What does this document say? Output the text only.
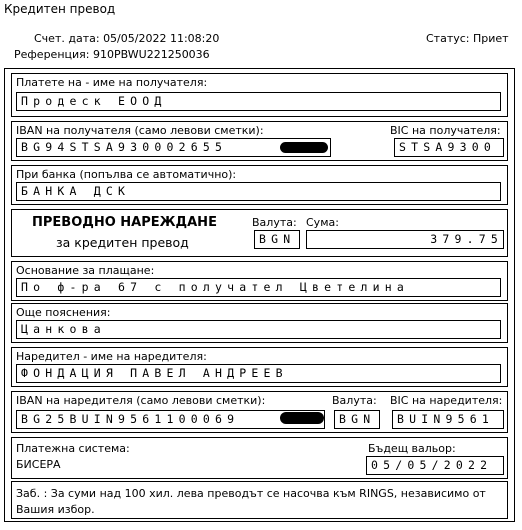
Кредитен превод
Счет. дата: 05/05/2022 11:08:20
Референция: 910PBWU221250036
Статус: Приет
Платете на - име на получателя:
Продеск ЕООД
IBAN на получателя (само левови сметки):
BG94STSA930002655
BIC на получателя:
STSA9300
При банка (попълва се автоматично):
БАНКА ДСК
ПРЕВОДНО НАРЕЖДАНЕ
за кредитен превод
Валута:
BGN
Сума:
379.75
Основание за плащане:
По ф-ра 67 с получател Цветелина
Още пояснения:
Цанкова
Наредител - име на наредителя:
ФОНДАЦИЯ ПАВЕЛ АНДРЕЕВ
IBAN на наредителя (само левови сметки):
BG25BUIN9561100069
Валута:
BGN
BIC на наредителя:
BUIN9561
Платежна система:
БИСЕРА
Бъдещ вальор:
05/05/2022
Заб. : За суми над 100 хил. лева преводът се насочва към RINGS, независимо от Вашия избор.
